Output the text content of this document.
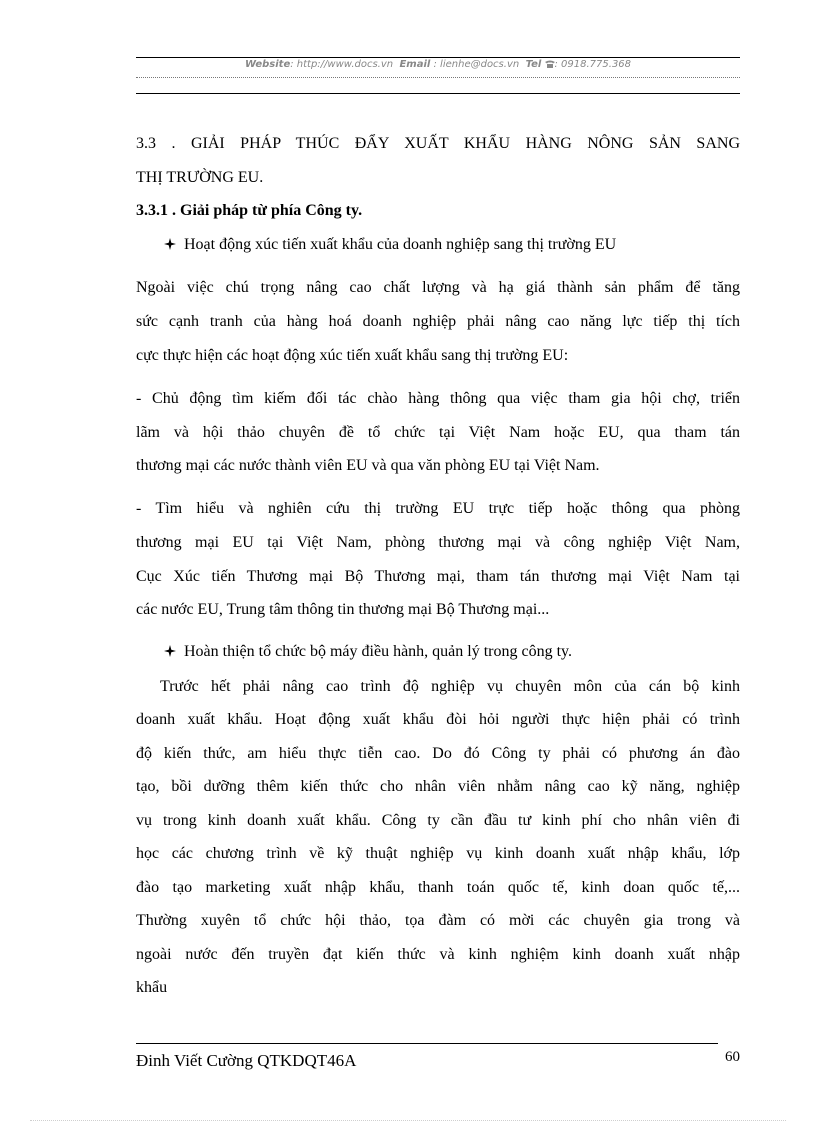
Website: http://www.docs.vn Email : lienhe@docs.vn Tel : 0918.775.368
3.3 . GIẢI PHÁP THÚC ĐẨY XUẤT KHẨU HÀNG NÔNG SẢN SANG
THỊ TRƯỜNG EU.
3.3.1 . Giải pháp từ phía Công ty.
Hoạt động xúc tiến xuất khẩu của doanh nghiệp sang thị trường EU
Ngoài việc chú trọng nâng cao chất lượng và hạ giá thành sản phẩm để tăng
sức cạnh tranh của hàng hoá doanh nghiệp phải nâng cao năng lực tiếp thị tích
cực thực hiện các hoạt động xúc tiến xuất khẩu sang thị trường EU:
- Chủ động tìm kiếm đối tác chào hàng thông qua việc tham gia hội chợ, triển
lãm và hội thảo chuyên đề tổ chức tại Việt Nam hoặc EU, qua tham tán
thương mại các nước thành viên EU và qua văn phòng EU tại Việt Nam.
- Tìm hiểu và nghiên cứu thị trường EU trực tiếp hoặc thông qua phòng
thương mại EU tại Việt Nam, phòng thương mại và công nghiệp Việt Nam,
Cục Xúc tiến Thương mại Bộ Thương mại, tham tán thương mại Việt Nam tại
các nước EU, Trung tâm thông tin thương mại Bộ Thương mại...
Hoàn thiện tổ chức bộ máy điều hành, quản lý trong công ty.
Trước hết phải nâng cao trình độ nghiệp vụ chuyên môn của cán bộ kinh
doanh xuất khẩu. Hoạt động xuất khẩu đòi hỏi người thực hiện phải có trình
độ kiến thức, am hiểu thực tiễn cao. Do đó Công ty phải có phương án đào
tạo, bồi dưỡng thêm kiến thức cho nhân viên nhằm nâng cao kỹ năng, nghiệp
vụ trong kinh doanh xuất khẩu. Công ty cần đầu tư kinh phí cho nhân viên đi
học các chương trình về kỹ thuật nghiệp vụ kinh doanh xuất nhập khẩu, lớp
đào tạo marketing xuất nhập khẩu, thanh toán quốc tế, kinh doan quốc tế,...
Thường xuyên tổ chức hội thảo, tọa đàm có mời các chuyên gia trong và
ngoài nước đến truyền đạt kiến thức và kinh nghiệm kinh doanh xuất nhập
khẩu
Đinh Viết Cường QTKDQT46A	60
